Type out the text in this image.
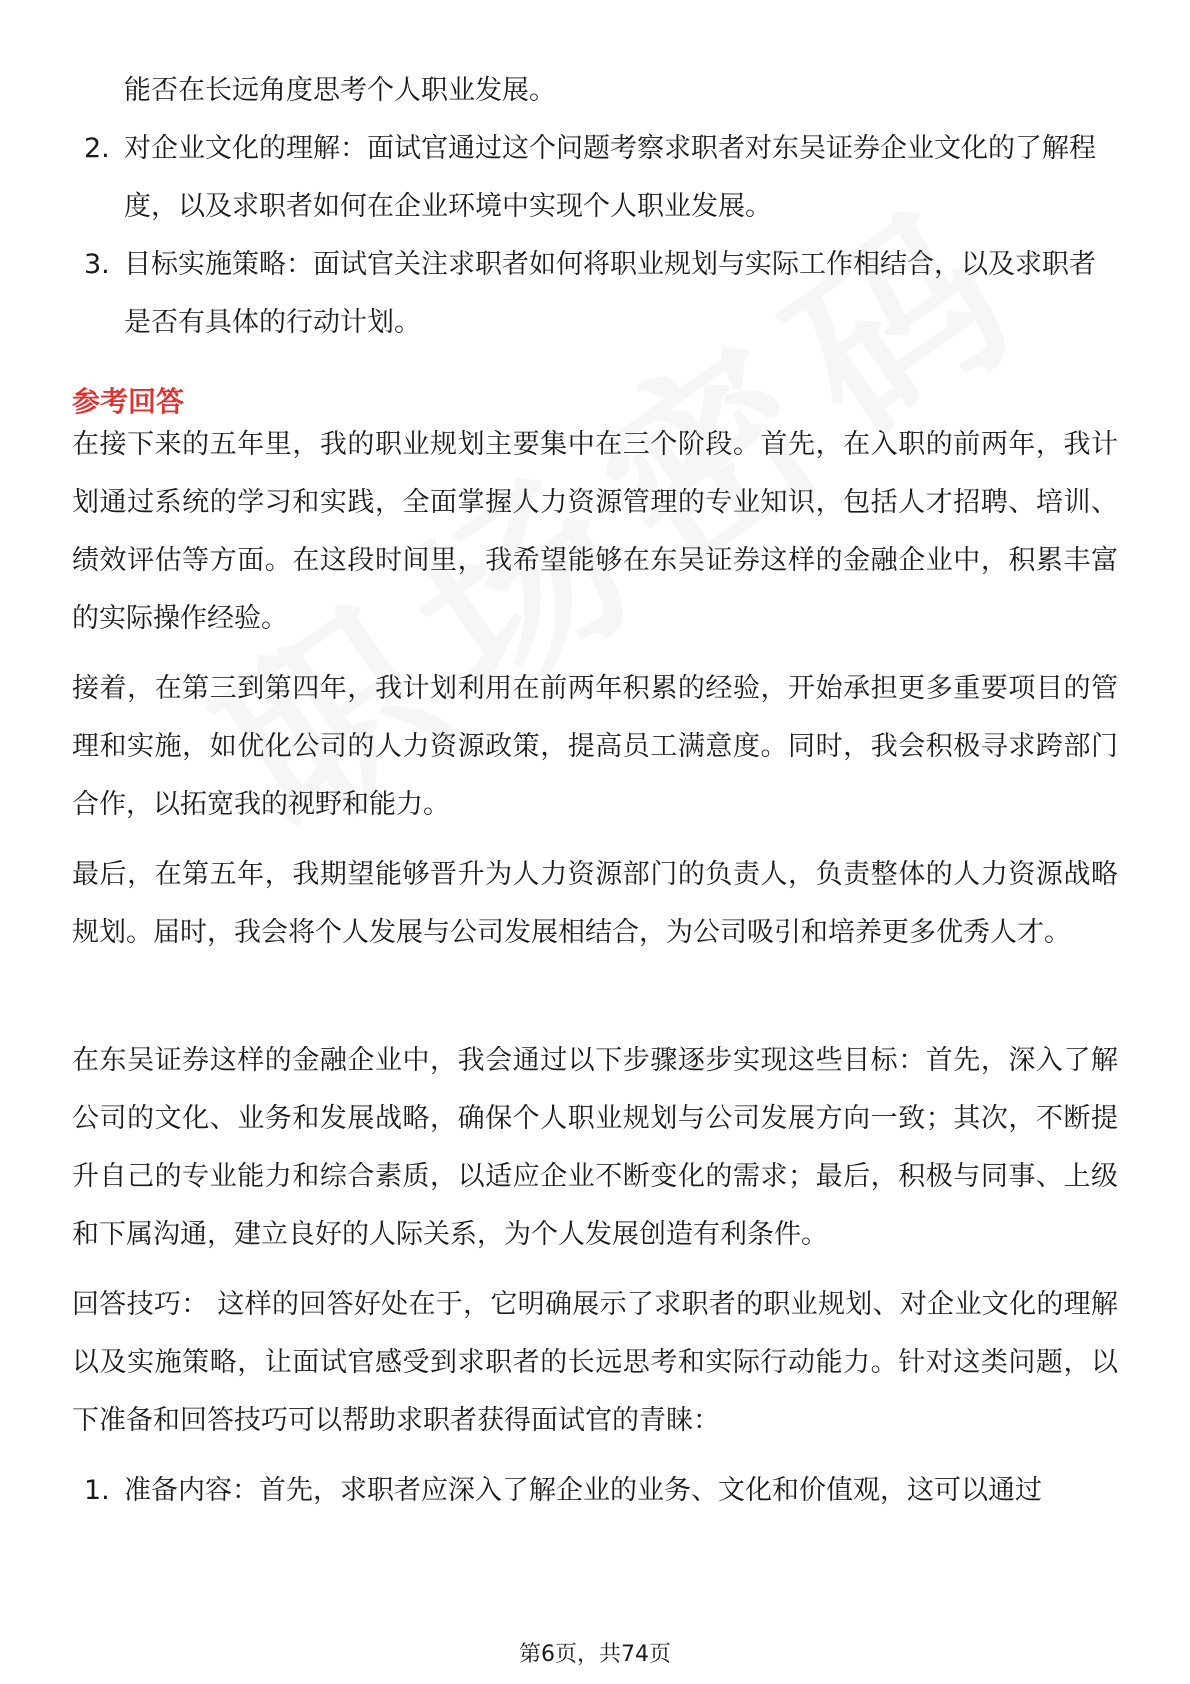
能否在长远角度思考个人职业发展。
2. 对企业文化的理解：面试官通过这个问题考察求职者对东吴证券企业文化的了解程度，以及求职者如何在企业环境中实现个人职业发展。
3. 目标实施策略：面试官关注求职者如何将职业规划与实际工作相结合，以及求职者是否有具体的行动计划。
参考回答

在接下来的五年里，我的职业规划主要集中在三个阶段。首先，在入职的前两年，我计划通过系统的学习和实践，全面掌握人力资源管理的专业知识，包括人才招聘、培训、绩效评估等方面。在这段时间里，我希望能够在东吴证券这样的金融企业中，积累丰富的实际操作经验。

接着，在第三到第四年，我计划利用在前两年积累的经验，开始承担更多重要项目的管理和实施，如优化公司的人力资源政策，提高员工满意度。同时，我会积极寻求跨部门合作，以拓宽我的视野和能力。

最后，在第五年，我期望能够晋升为人力资源部门的负责人，负责整体的人力资源战略规划。届时，我会将个人发展与公司发展相结合，为公司吸引和培养更多优秀人才。

在东吴证券这样的金融企业中，我会通过以下步骤逐步实现这些目标：首先，深入了解公司的文化、业务和发展战略，确保个人职业规划与公司发展方向一致；其次，不断提升自己的专业能力和综合素质，以适应企业不断变化的需求；最后，积极与同事、上级和下属沟通，建立良好的人际关系，为个人发展创造有利条件。

回答技巧： 这样的回答好处在于，它明确展示了求职者的职业规划、对企业文化的理解以及实施策略，让面试官感受到求职者的长远思考和实际行动能力。针对这类问题，以下准备和回答技巧可以帮助求职者获得面试官的青睐：

1. 准备内容：首先，求职者应深入了解企业的业务、文化和价值观，这可以通过
第6页，共74页
